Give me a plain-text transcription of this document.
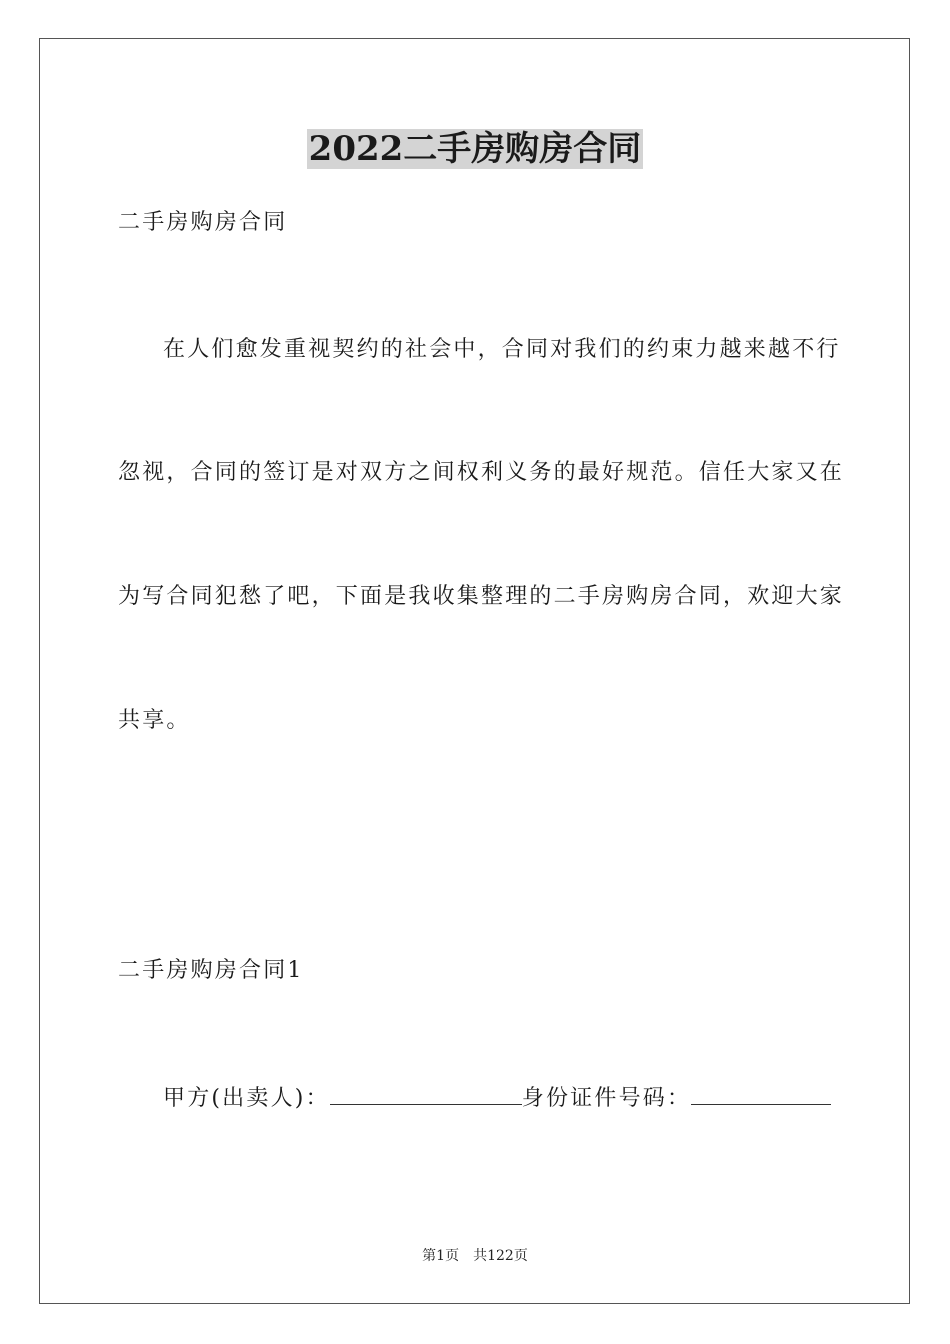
2022二手房购房合同
二手房购房合同
在人们愈发重视契约的社会中，合同对我们的约束力越来越不行
忽视，合同的签订是对双方之间权利义务的最好规范。信任大家又在
为写合同犯愁了吧，下面是我收集整理的二手房购房合同，欢迎大家
共享。
二手房购房合同1
甲方(出卖人)：	身份证件号码：
第1页 共122页
